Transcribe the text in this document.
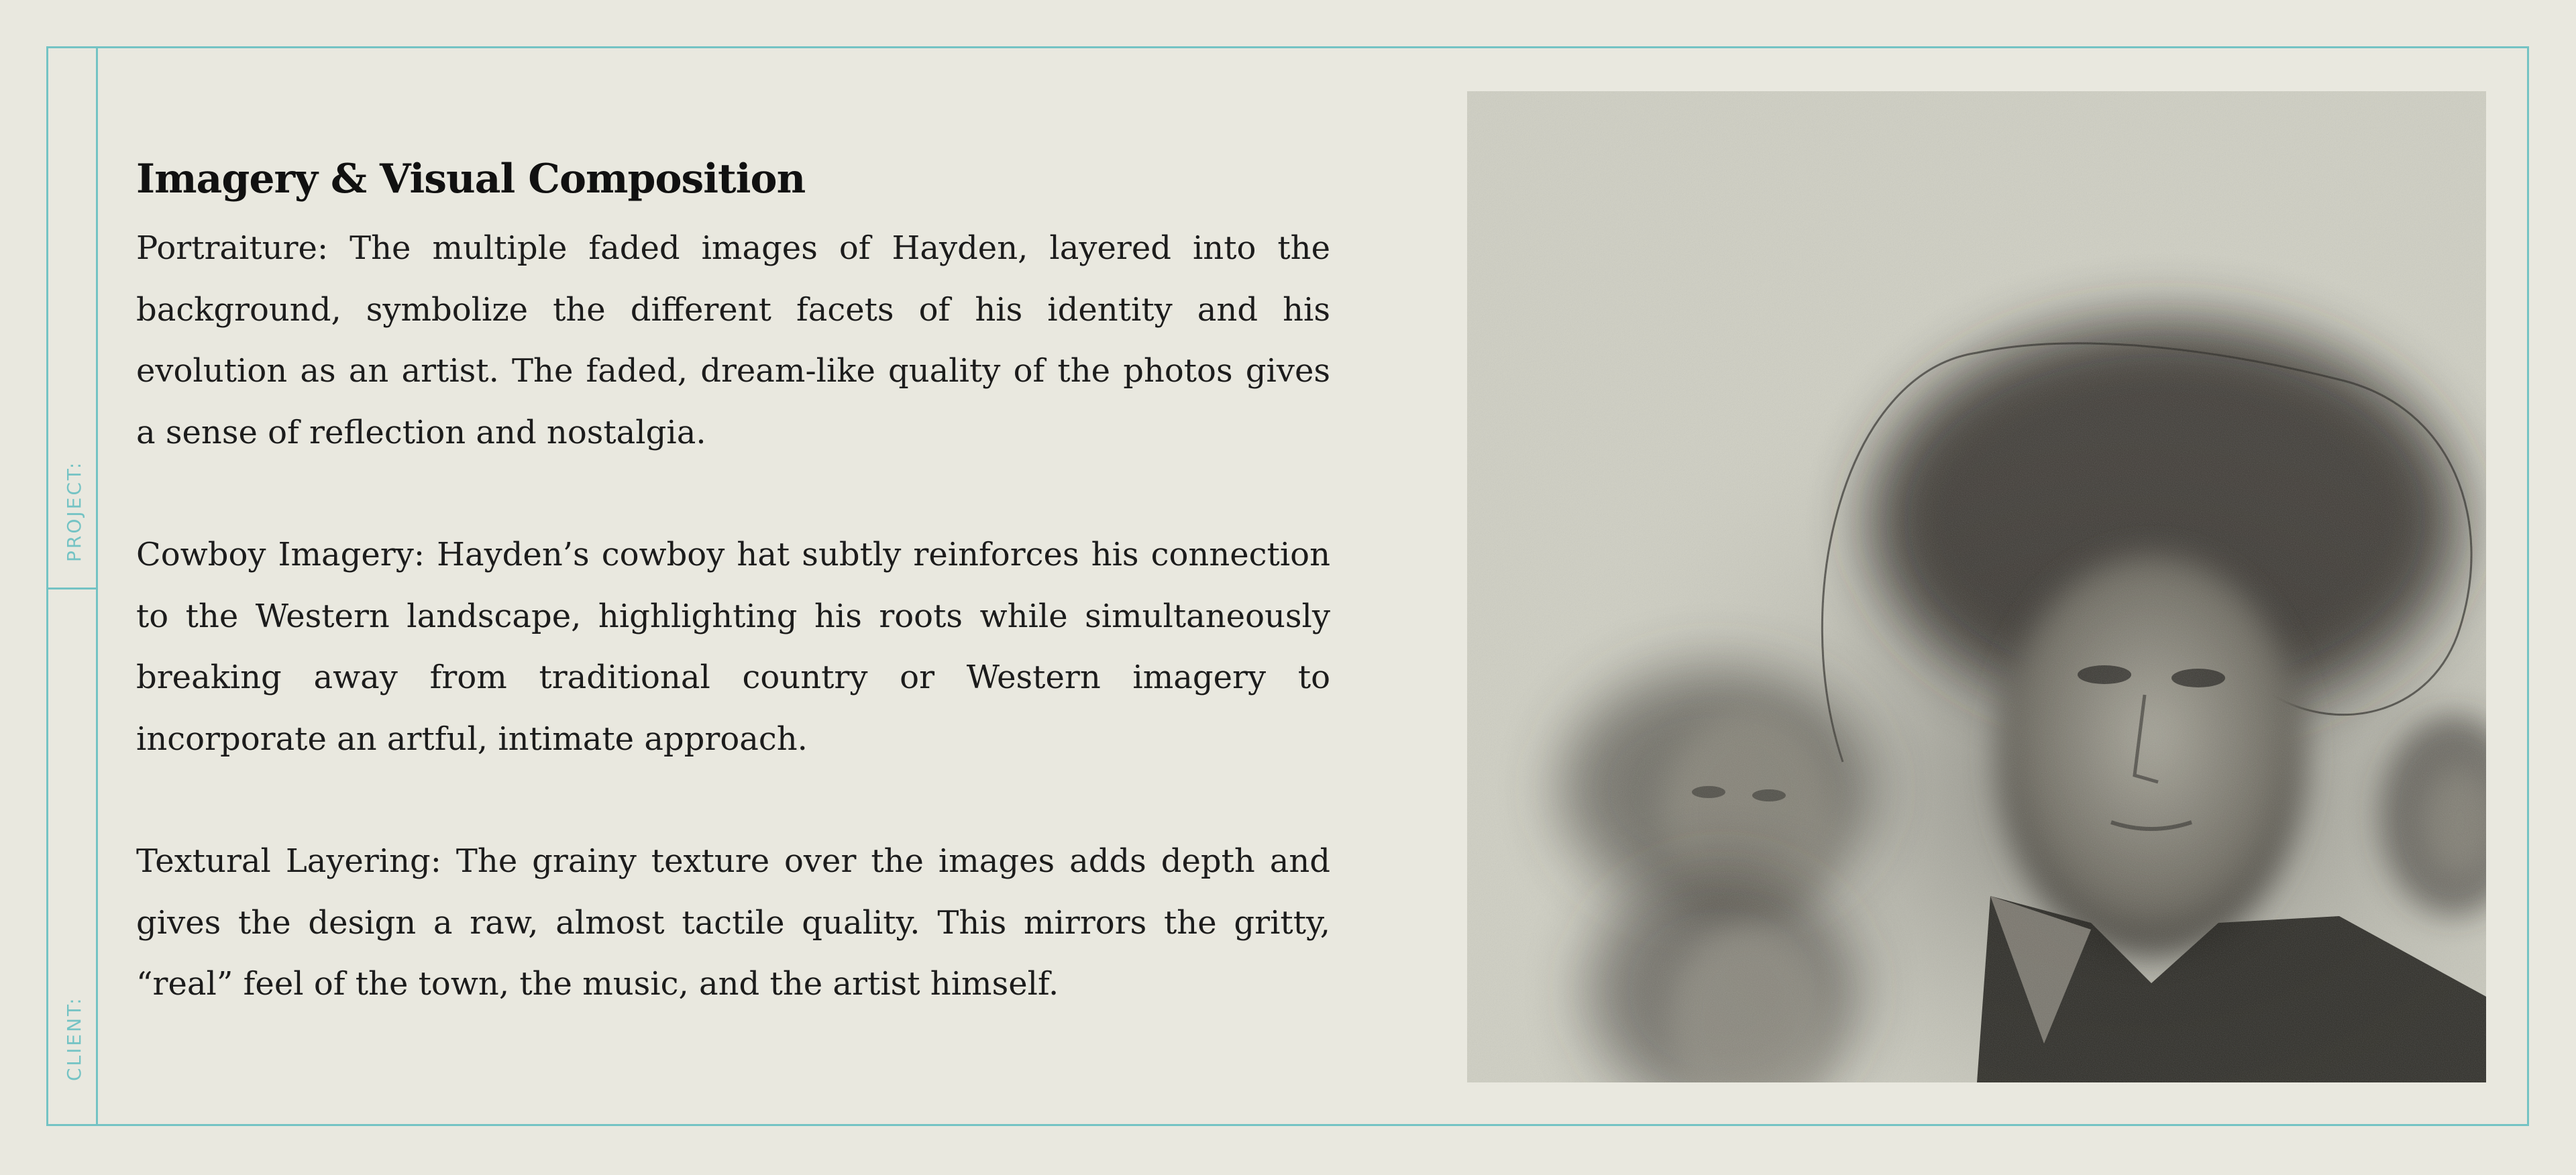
PROJECT:
CLIENT:
Imagery & Visual Composition

Portraiture: The multiple faded images of Hayden, layered into the background, symbolize the different facets of his identity and his evolution as an artist. The faded, dream-like quality of the photos gives a sense of reflection and nostalgia.

Cowboy Imagery: Hayden’s cowboy hat subtly reinforces his connection to the Western landscape, highlighting his roots while simultaneously breaking away from traditional country or Western imagery to incorporate an artful, intimate approach.

Textural Layering: The grainy texture over the images adds depth and gives the design a raw, almost tactile quality. This mirrors the gritty, “real” feel of the town, the music, and the artist himself.
